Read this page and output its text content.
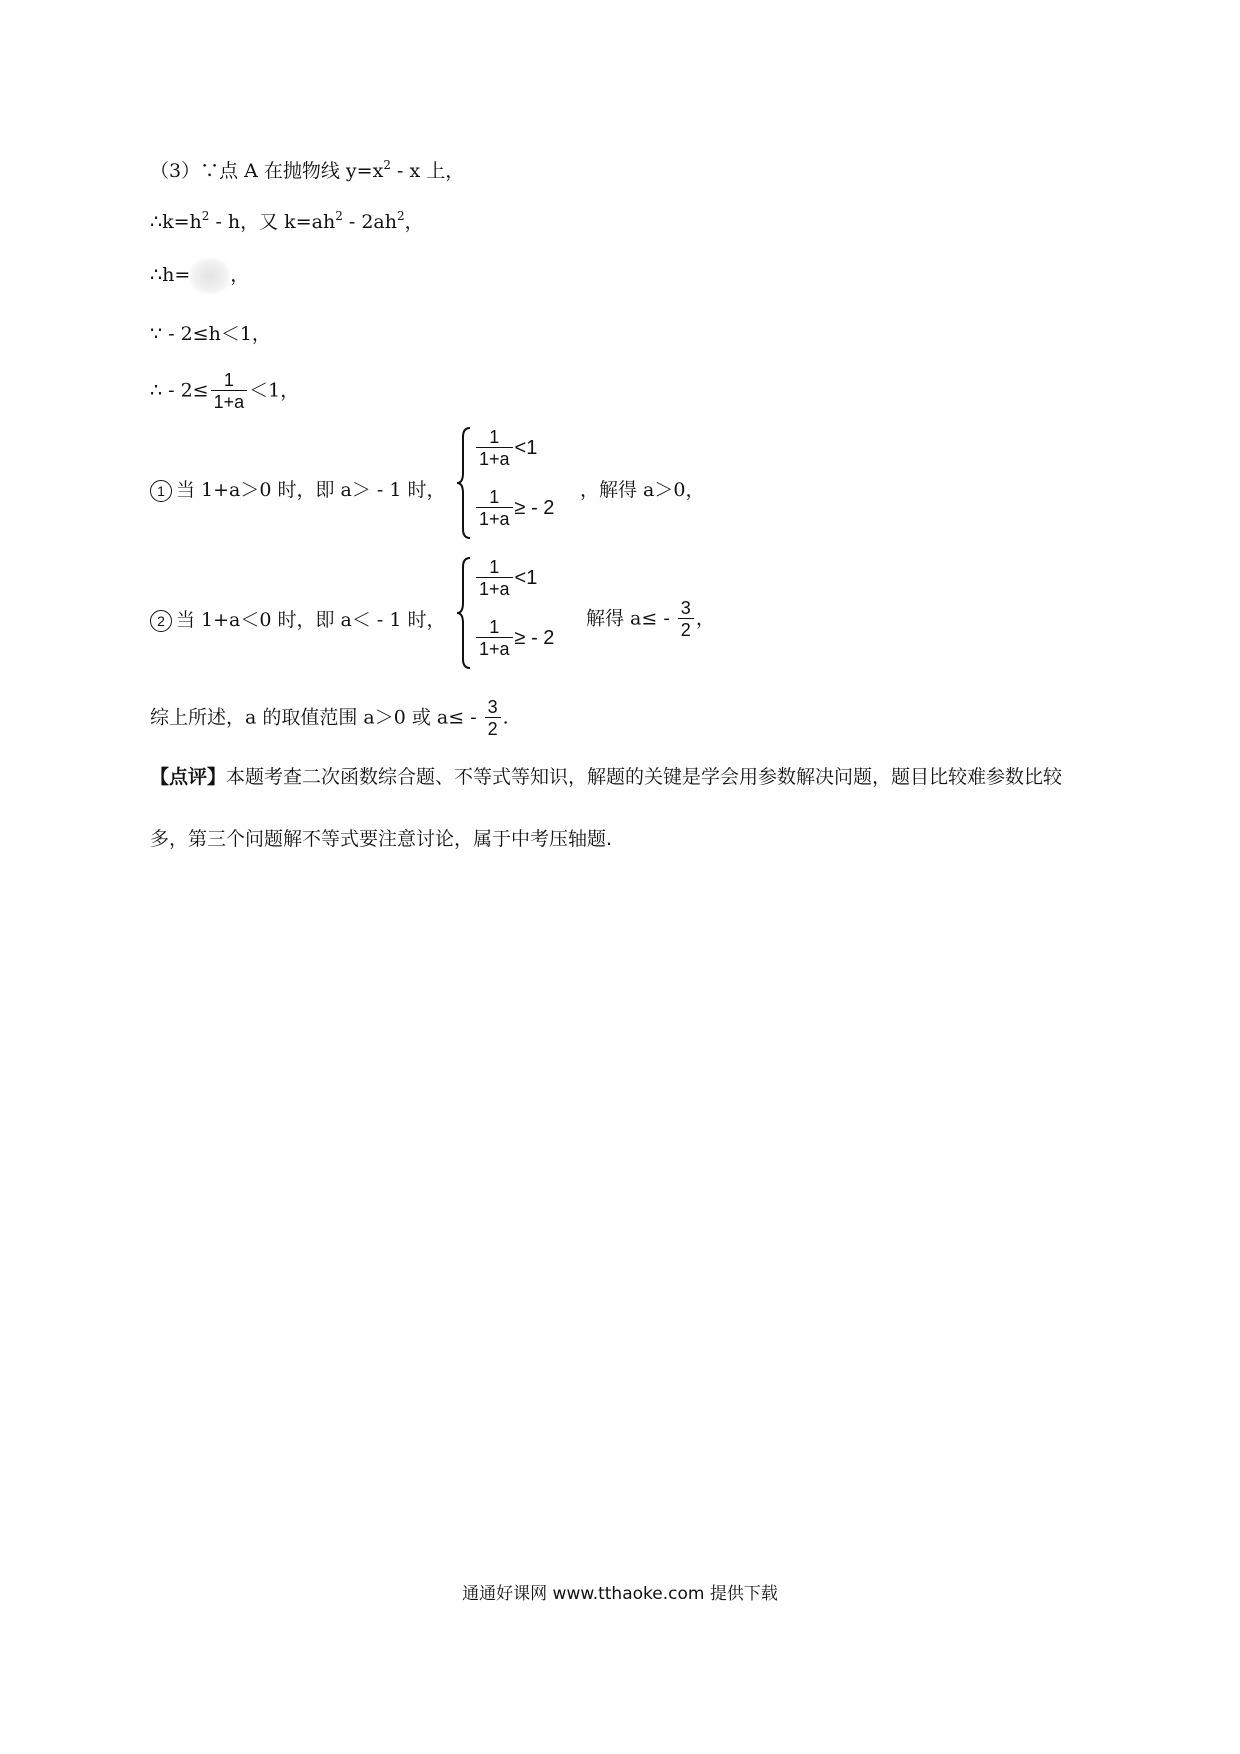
（3）∵点 A 在抛物线 $y=x^2 - x$ 上，
$\therefore k=h^2 - h$，又 $k=ah^2 - 2ah^2$，
∴h= ，
∵ - 2≤h＜1，
∴ - $2\le \frac{1}{1+a} <1$，
1 当 1+a＞0 时，即 a＞ - 1 时，
$\frac{1}{1+a} <1$
$\frac{1}{1+a}$ ≥ - 2
，解得 a＞0，
2 当 1+a＜0 时，即 a＜ - 1 时，
$\frac{1}{1+a} <1$
$\frac{1}{1+a}$ ≥ - 2
解得 $a\le - \frac{3}{2}$ ，
综上所述，a 的取值范围 a＞0 或 $a\le - \frac{3}{2}$ .
【点评】本题考查二次函数综合题、不等式等知识，解题的关键是学会用参数解决问题，题目比较难参数比较多，第三个问题解不等式要注意讨论，属于中考压轴题.
通通好课网 www.tthaoke.com 提供下载
